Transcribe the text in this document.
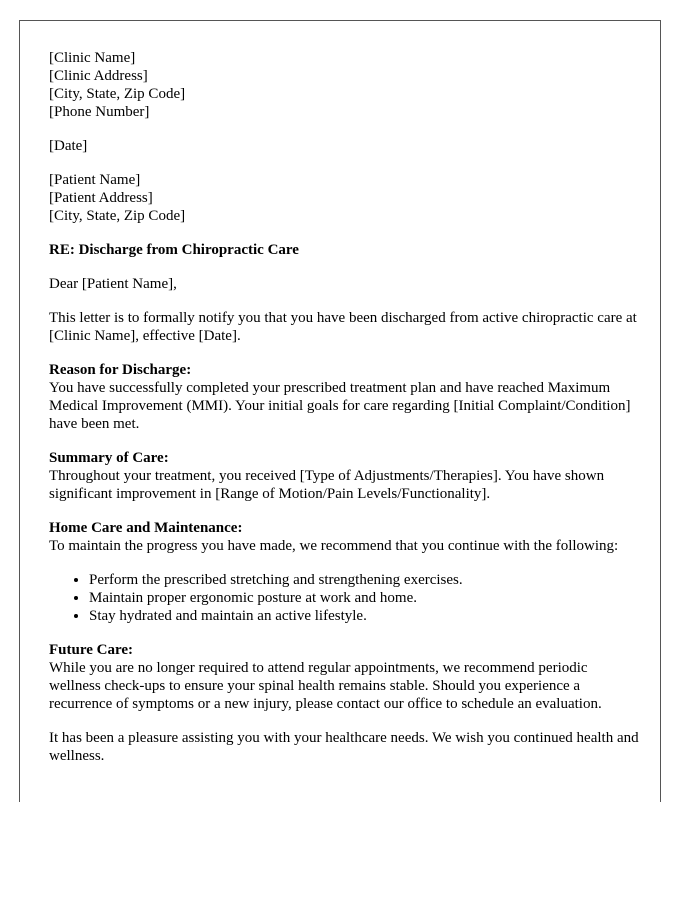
[Clinic Name]
[Clinic Address]
[City, State, Zip Code]
[Phone Number]

[Date]

[Patient Name]
[Patient Address]
[City, State, Zip Code]

RE: Discharge from Chiropractic Care

Dear [Patient Name],

This letter is to formally notify you that you have been discharged from active chiropractic care at [Clinic Name], effective [Date].

Reason for Discharge:
You have successfully completed your prescribed treatment plan and have reached Maximum Medical Improvement (MMI). Your initial goals for care regarding [Initial Complaint/Condition] have been met.

Summary of Care:
Throughout your treatment, you received [Type of Adjustments/Therapies]. You have shown significant improvement in [Range of Motion/Pain Levels/Functionality].

Home Care and Maintenance:
To maintain the progress you have made, we recommend that you continue with the following:

• Perform the prescribed stretching and strengthening exercises.
• Maintain proper ergonomic posture at work and home.
• Stay hydrated and maintain an active lifestyle.

Future Care:
While you are no longer required to attend regular appointments, we recommend periodic wellness check-ups to ensure your spinal health remains stable. Should you experience a recurrence of symptoms or a new injury, please contact our office to schedule an evaluation.

It has been a pleasure assisting you with your healthcare needs. We wish you continued health and wellness.
